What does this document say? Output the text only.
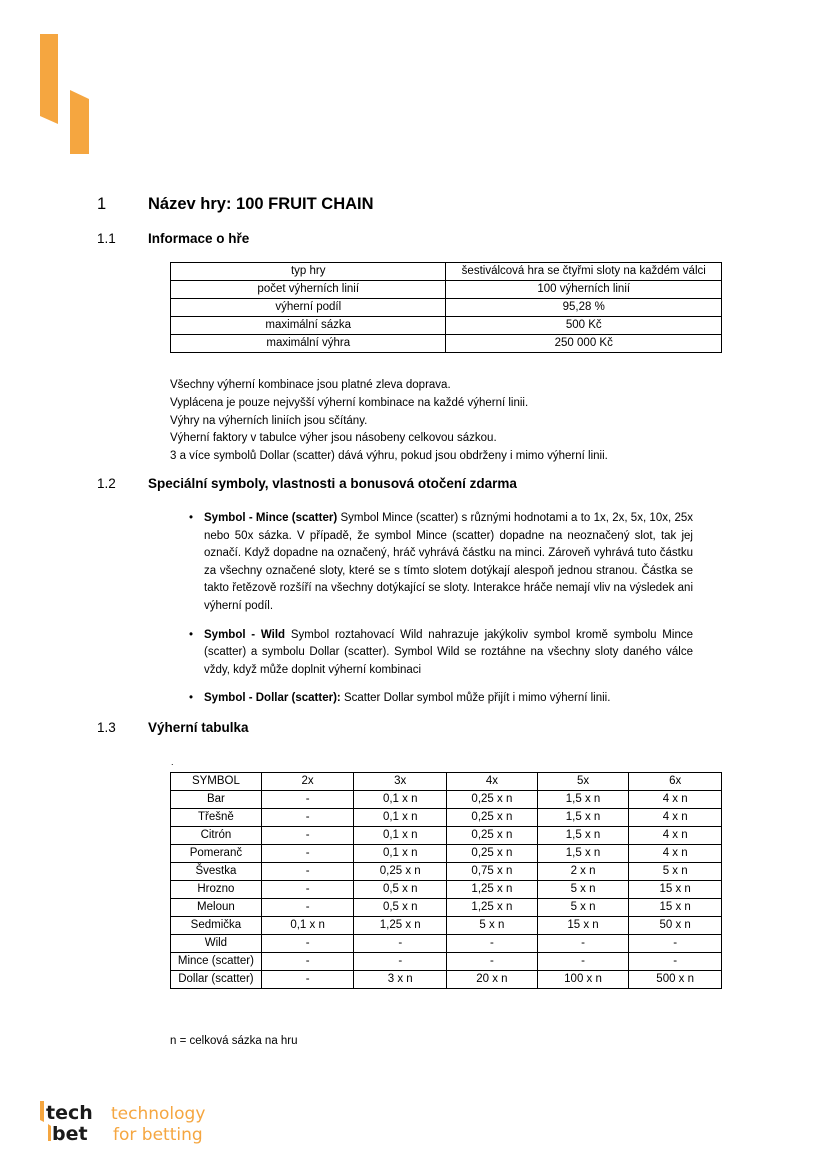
1	Název hry: 100 FRUIT CHAIN
1.1 Informace o hře
typ hry	šestiválcová hra se čtyřmi sloty na každém válci
počet výherních linií	100 výherních linií
výherní podíl	95,28 %
maximální sázka	500 Kč
maximální výhra	250 000 Kč
Všechny výherní kombinace jsou platné zleva doprava.
Vyplácena je pouze nejvyšší výherní kombinace na každé výherní linii.
Výhry na výherních liniích jsou sčítány.
Výherní faktory v tabulce výher jsou násobeny celkovou sázkou.
3 a více symbolů Dollar (scatter) dává výhru, pokud jsou obdrženy i mimo výherní linii.
1.2 Speciální symboly, vlastnosti a bonusová otočení zdarma
• Symbol - Mince (scatter) Symbol Mince (scatter) s různými hodnotami a to 1x, 2x, 5x, 10x, 25x nebo 50x sázka. V případě, že symbol Mince (scatter) dopadne na neoznačený slot, tak jej označí. Když dopadne na označený, hráč vyhrává částku na minci. Zároveň vyhrává tuto částku za všechny označené sloty, které se s tímto slotem dotýkají alespoň jednou stranou. Částka se takto řetězově rozšíří na všechny dotýkající se sloty. Interakce hráče nemají vliv na výsledek ani výherní podíl.
• Symbol - Wild Symbol roztahovací Wild nahrazuje jakýkoliv symbol kromě symbolu Mince (scatter) a symbolu Dollar (scatter). Symbol Wild se roztáhne na všechny sloty daného válce vždy, když může doplnit výherní kombinaci
• Symbol - Dollar (scatter): Scatter Dollar symbol může přijít i mimo výherní linii.
1.3 Výherní tabulka
.
SYMBOL	2x	3x	4x	5x	6x
Bar	-	0,1 x n	0,25 x n	1,5 x n	4 x n
Třešně	-	0,1 x n	0,25 x n	1,5 x n	4 x n
Citrón	-	0,1 x n	0,25 x n	1,5 x n	4 x n
Pomeranč	-	0,1 x n	0,25 x n	1,5 x n	4 x n
Švestka	-	0,25 x n	0,75 x n	2 x n	5 x n
Hrozno	-	0,5 x n	1,25 x n	5 x n	15 x n
Meloun	-	0,5 x n	1,25 x n	5 x n	15 x n
Sedmička	0,1 x n	1,25 x n	5 x n	15 x n	50 x n
Wild	-	-	-	-	-
Mince (scatter)	-	-	-	-	-
Dollar (scatter)	-	3 x n	20 x n	100 x n	500 x n
n = celková sázka na hru
tech
bet
technology
for betting
